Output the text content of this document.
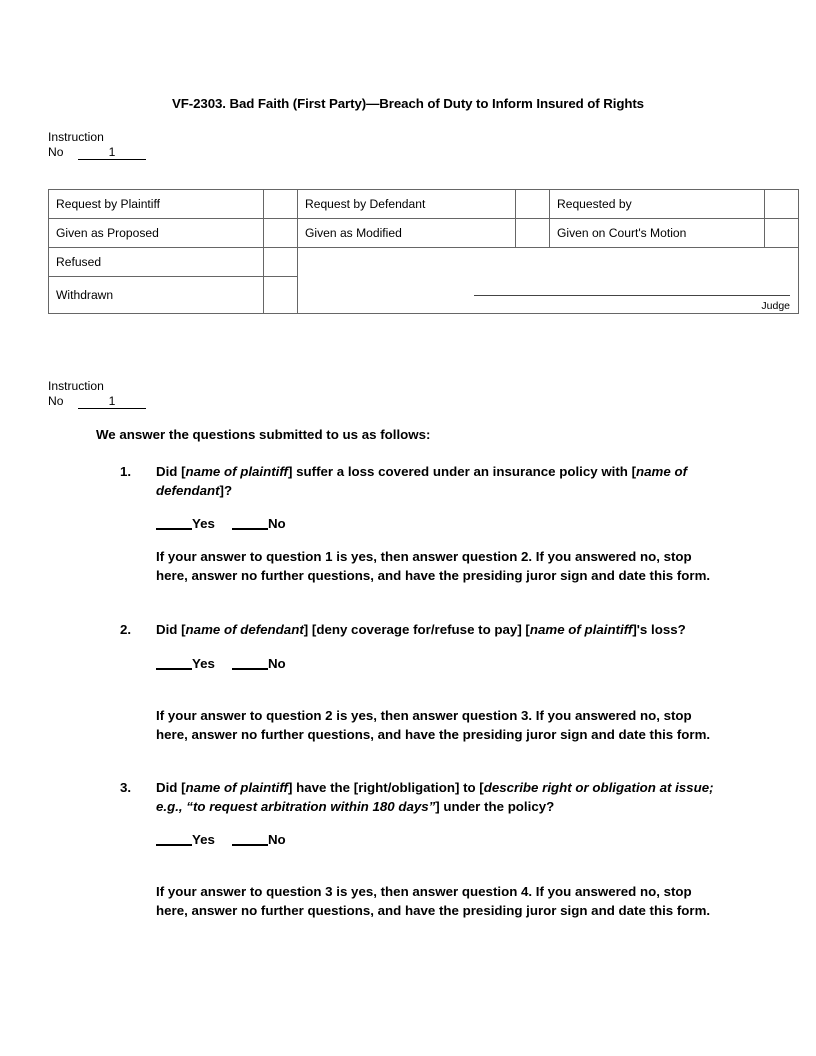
VF-2303. Bad Faith (First Party)—Breach of Duty to Inform Insured of Rights
Instruction
No	1
Request by Plaintiff		Request by Defendant		Requested by	
Given as Proposed		Given as Modified		Given on Court's Motion	
Refused		Judge			

Withdrawn					
Instruction
No	1
We answer the questions submitted to us as follows:
1.	Did [name of plaintiff] suffer a loss covered under an insurance policy with [name of defendant]?
Yes	No
If your answer to question 1 is yes, then answer question 2. If you answered no, stop here, answer no further questions, and have the presiding juror sign and date this form.
2.	Did [name of defendant] [deny coverage for/refuse to pay] [name of plaintiff]'s loss?
Yes	No
If your answer to question 2 is yes, then answer question 3. If you answered no, stop here, answer no further questions, and have the presiding juror sign and date this form.
3.	Did [name of plaintiff] have the [right/obligation] to [describe right or obligation at issue; e.g., “to request arbitration within 180 days”] under the policy?
Yes	No
If your answer to question 3 is yes, then answer question 4. If you answered no, stop here, answer no further questions, and have the presiding juror sign and date this form.
